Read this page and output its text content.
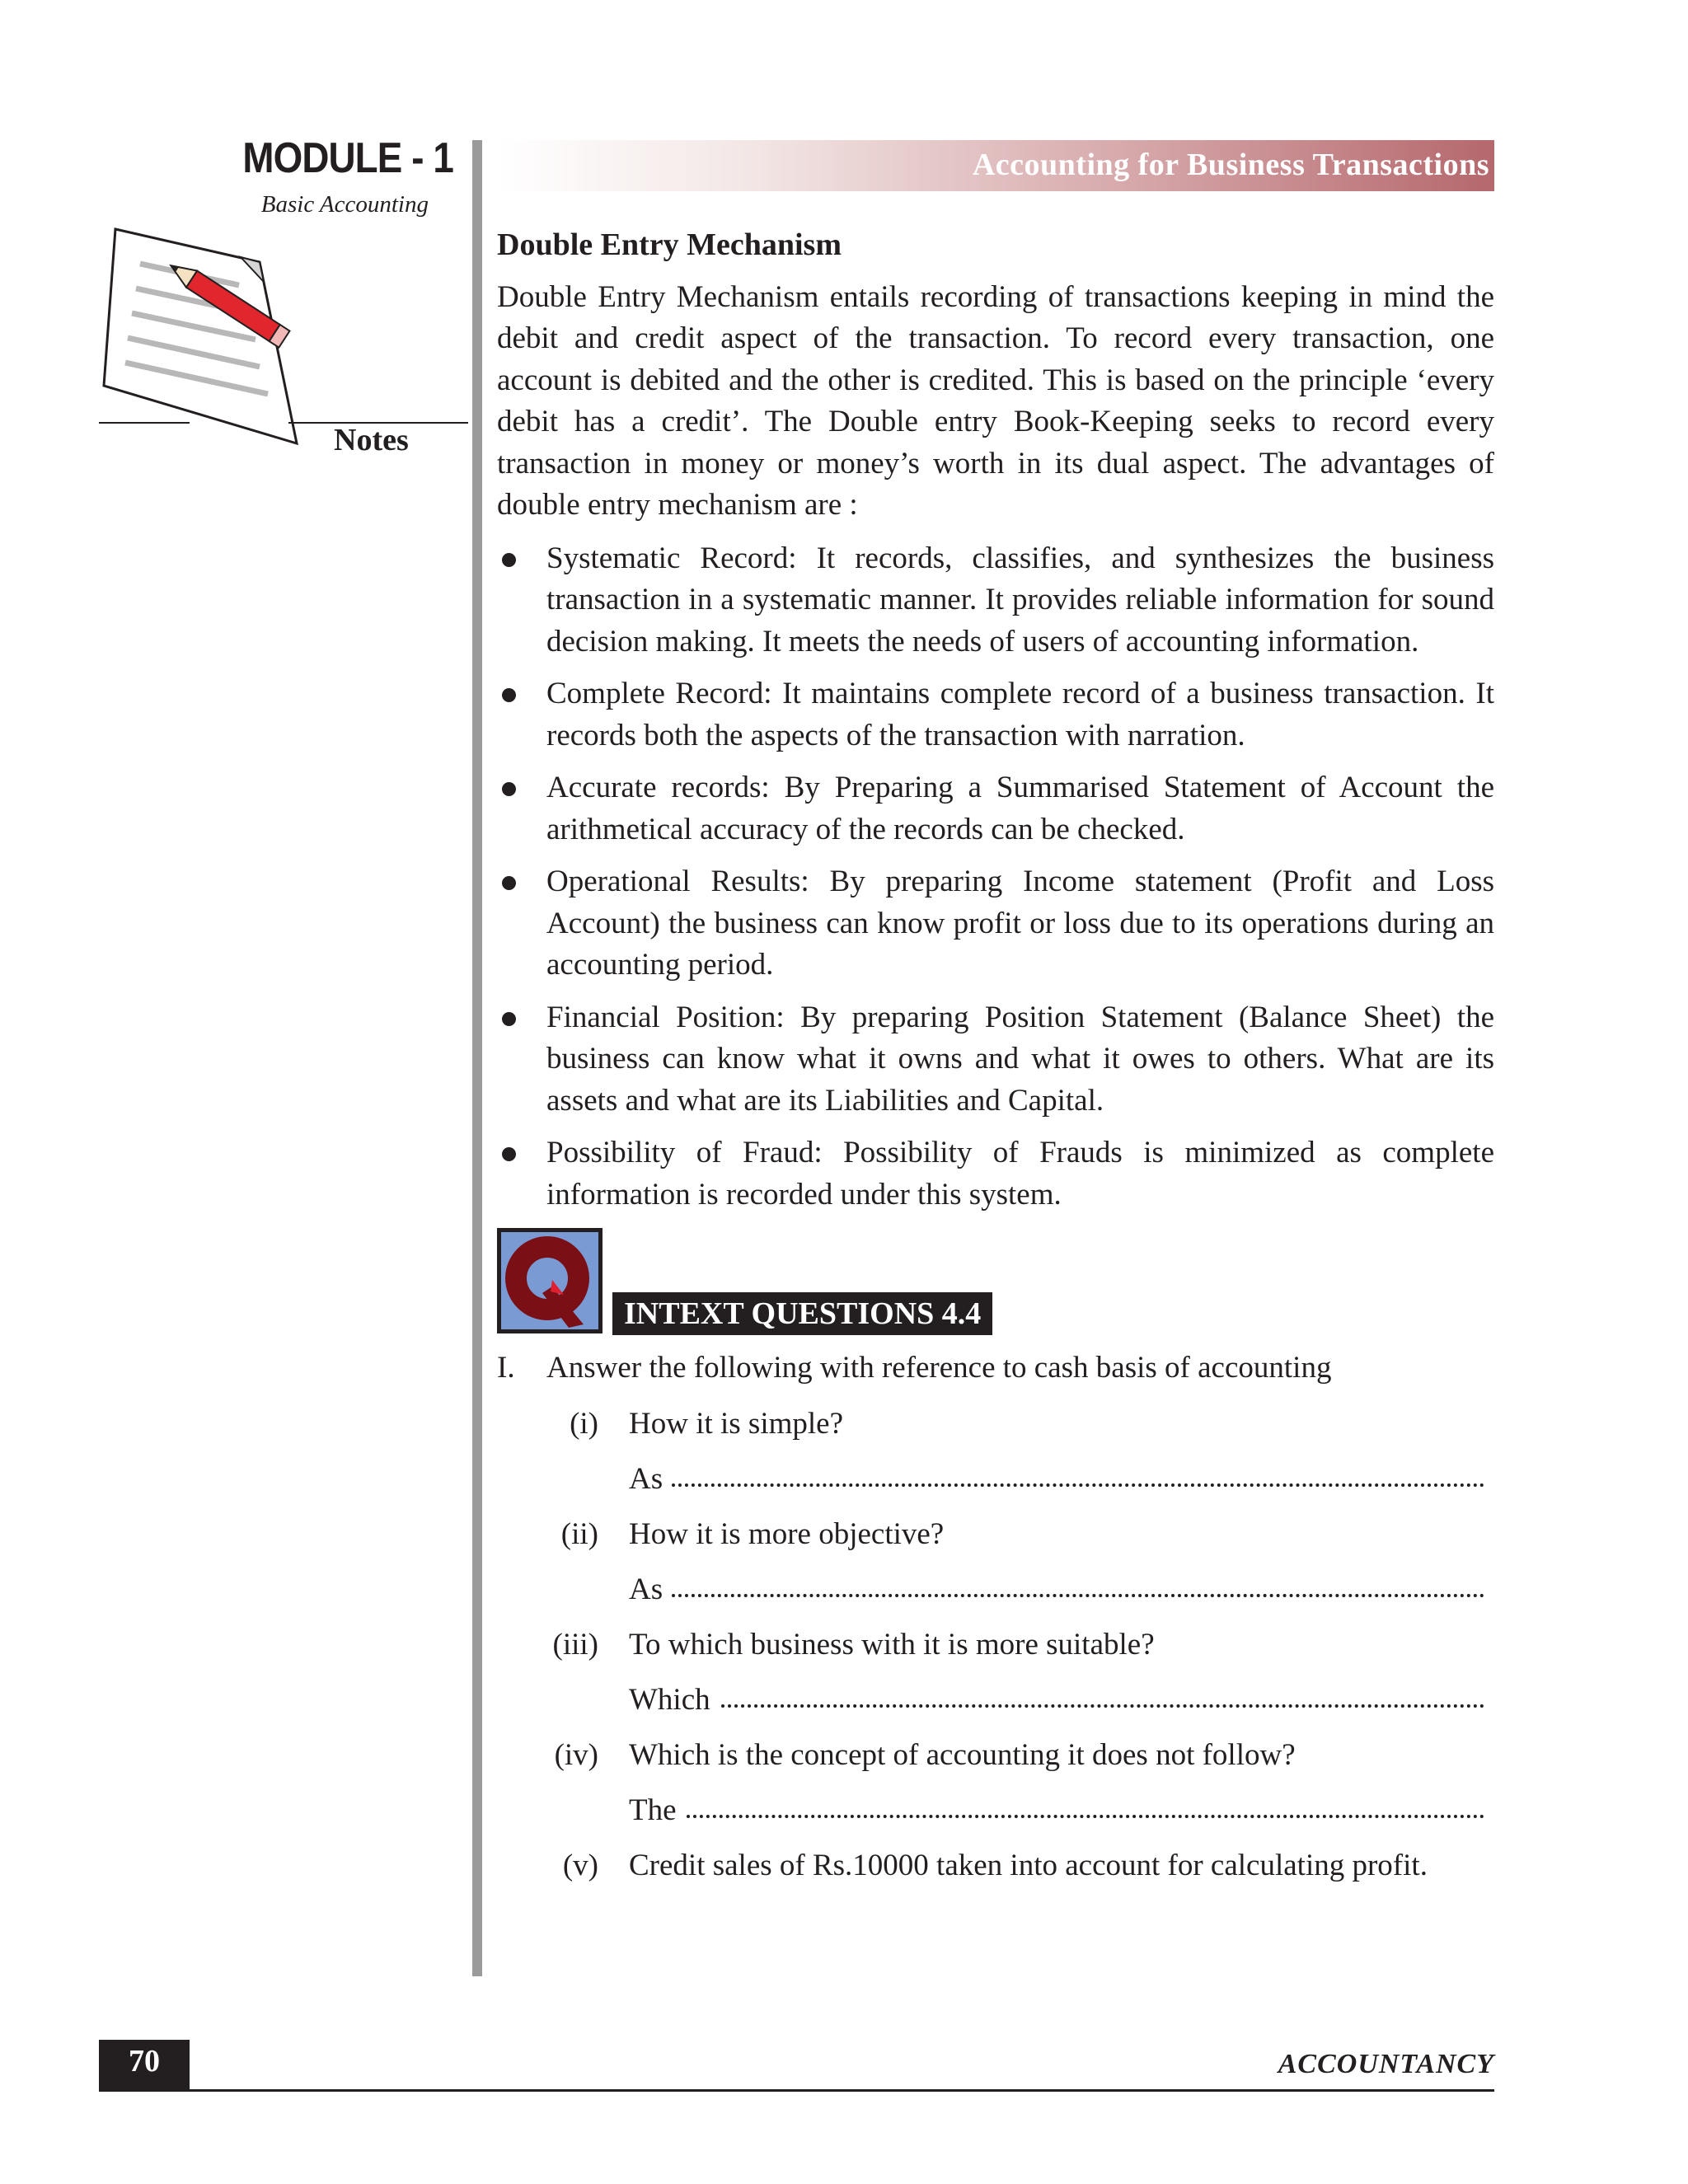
MODULE - 1
Basic Accounting
Notes
Accounting for Business Transactions
Double Entry Mechanism

Double Entry Mechanism entails recording of transactions keeping in mind the debit and credit aspect of the transaction. To record every transaction, one account is debited and the other is credited. This is based on the principle ‘every debit has a credit’. The Double entry Book-Keeping seeks to record every transaction in money or money’s worth in its dual aspect. The advantages of double entry mechanism are :

Systematic Record: It records, classifies, and synthesizes the business transaction in a systematic manner. It provides reliable information for sound decision making. It meets the needs of users of accounting information.
Complete Record: It maintains complete record of a business transaction. It records both the aspects of the transaction with narration.
Accurate records: By Preparing a Summarised Statement of Account the arithmetical accuracy of the records can be checked.
Operational Results: By preparing Income statement (Profit and Loss Account) the business can know profit or loss due to its operations during an accounting period.
Financial Position: By preparing Position Statement (Balance Sheet) the business can know what it owns and what it owes to others. What are its assets and what are its Liabilities and Capital.
Possibility of Fraud: Possibility of Frauds is minimized as complete information is recorded under this system.
INTEXT QUESTIONS 4.4
I.	Answer the following with reference to cash basis of accounting
(i) How it is simple?
As
(ii) How it is more objective?
As
(iii) To which business with it is more suitable?
Which
(iv) Which is the concept of accounting it does not follow?
The
(v) Credit sales of Rs.10000 taken into account for calculating profit.
70	ACCOUNTANCY
